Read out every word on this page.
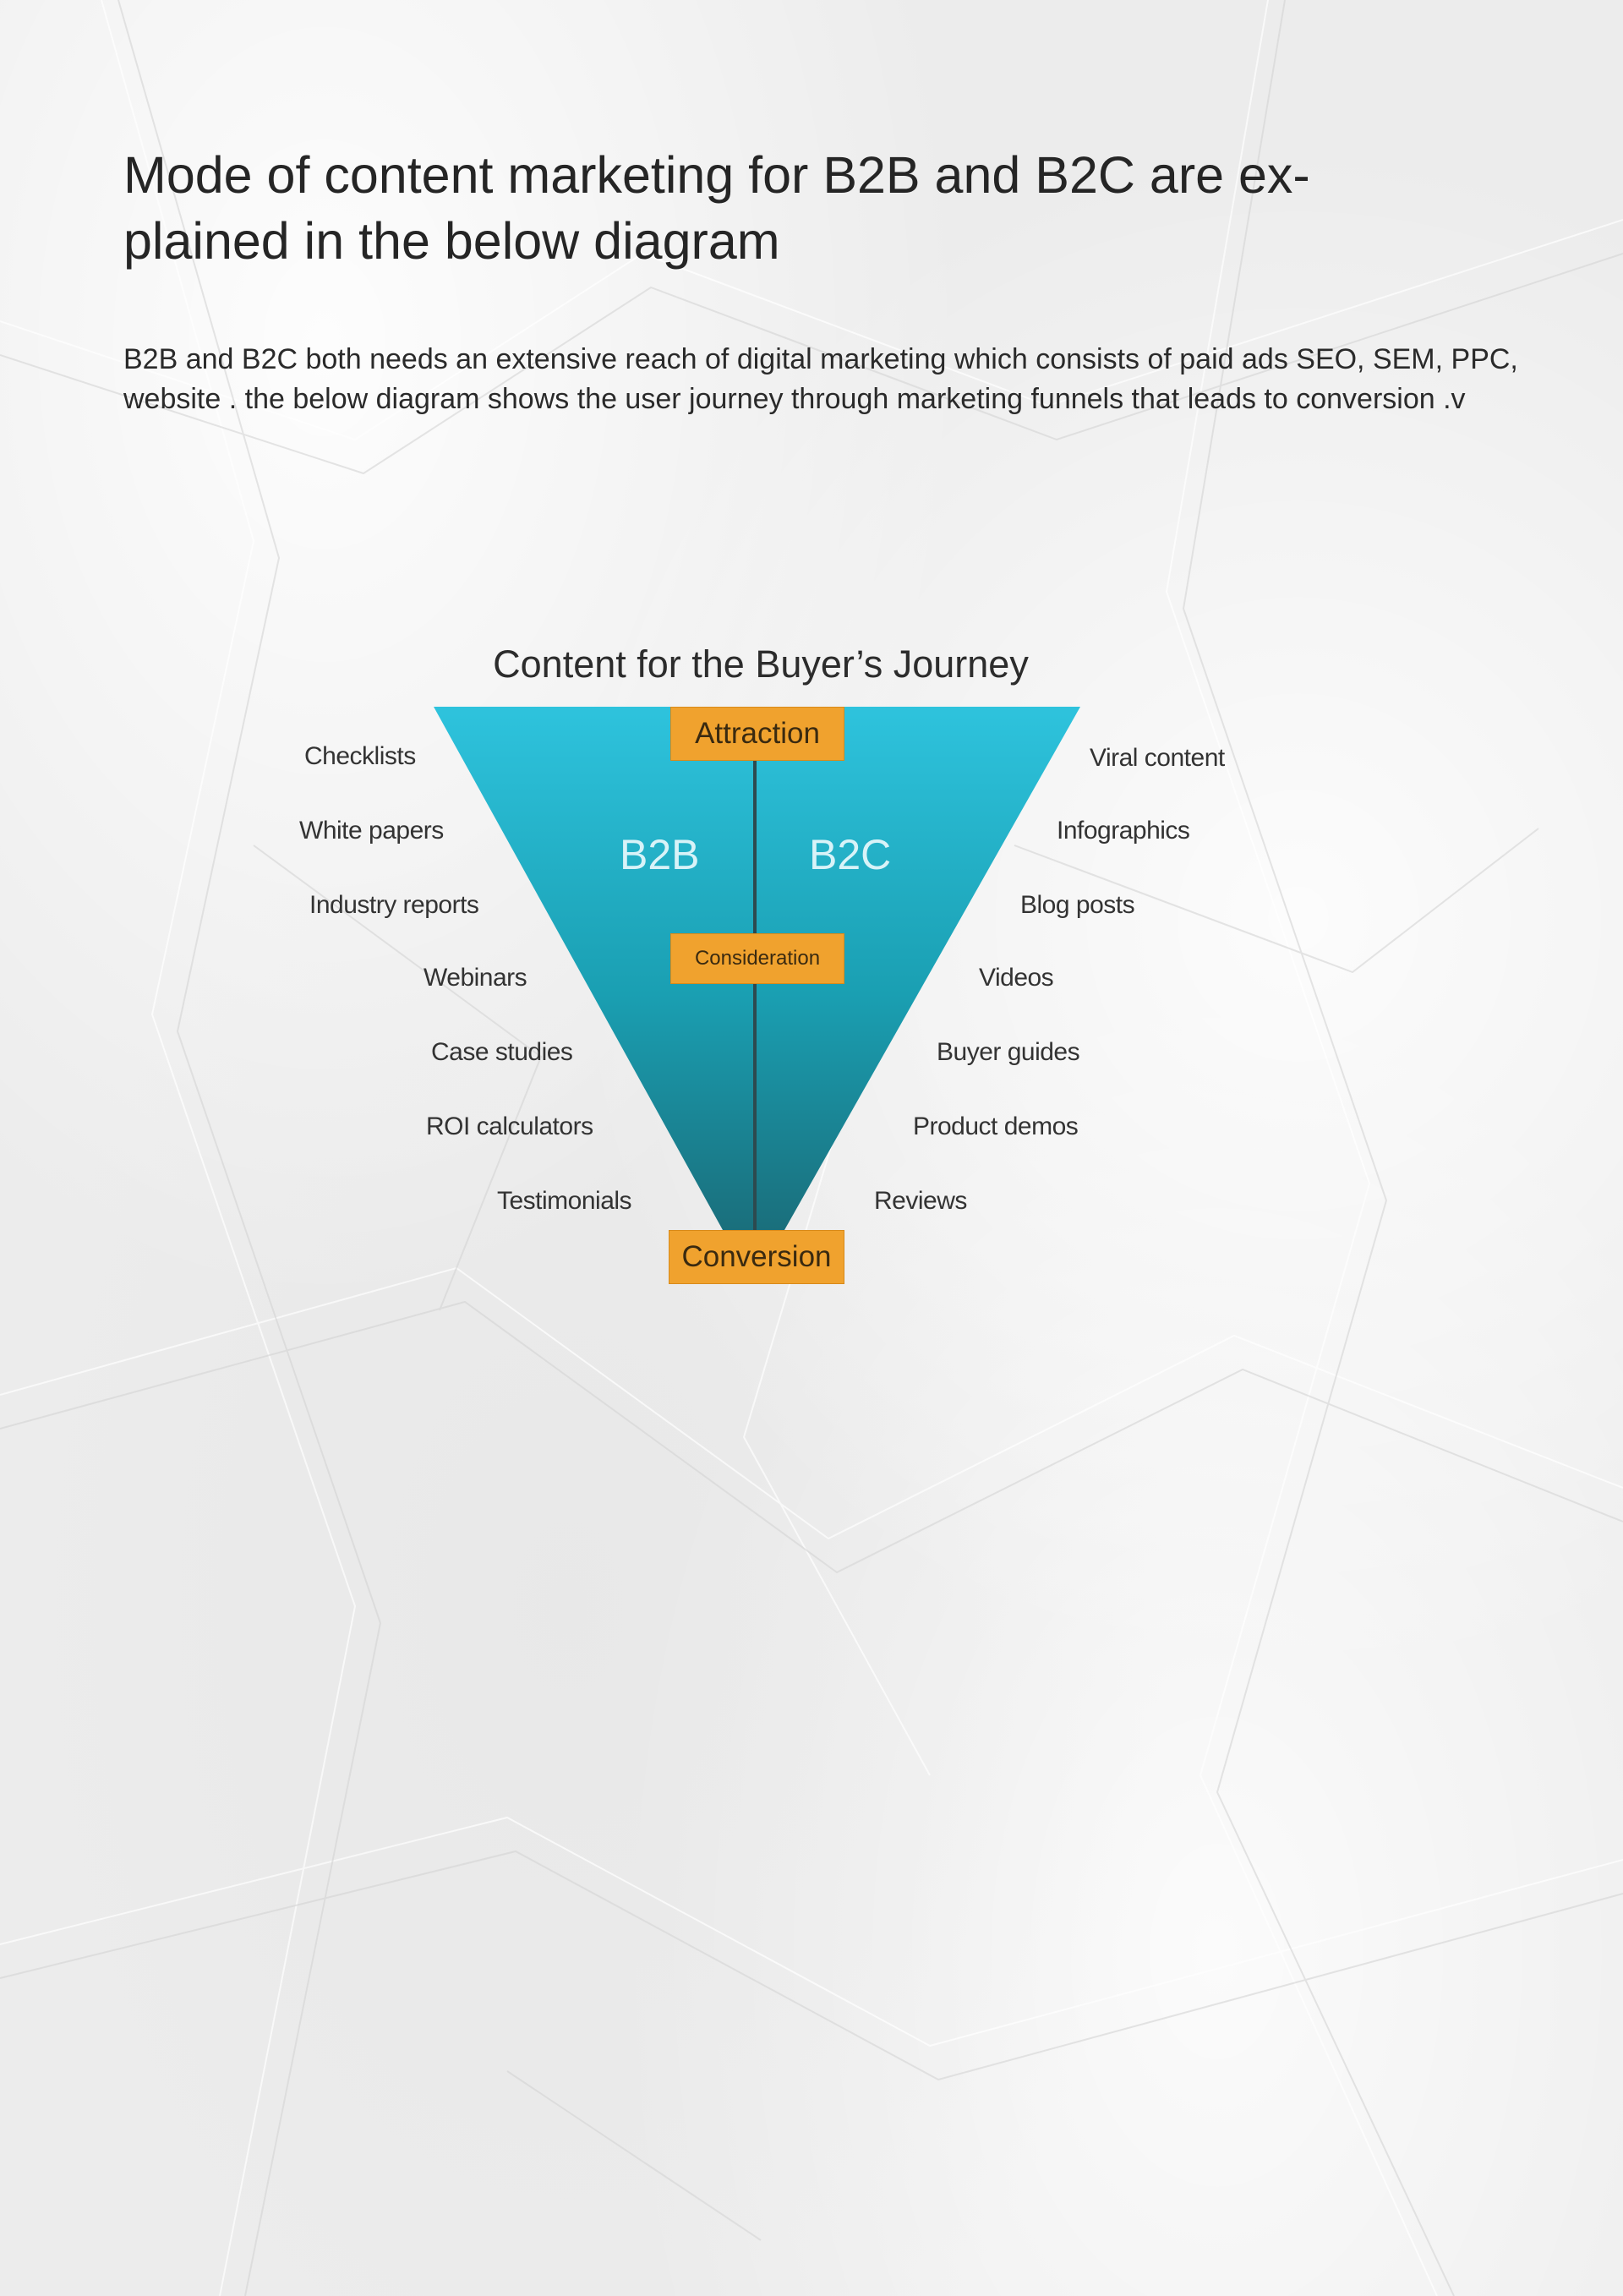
Mode of content marketing for B2B and B2C are ex-plained in the below diagram

B2B and B2C both needs an extensive reach of digital marketing which consists of paid ads SEO, SEM, PPC, website . the below diagram shows the user journey through marketing funnels that leads to conversion .v

Content for the Buyer’s Journey
Attraction
Consideration
Conversion
B2B	B2C
Checklists
White papers
Industry reports
Webinars
Case studies
ROI calculators
Testimonials
Viral content
Infographics
Blog posts
Videos
Buyer guides
Product demos
Reviews
